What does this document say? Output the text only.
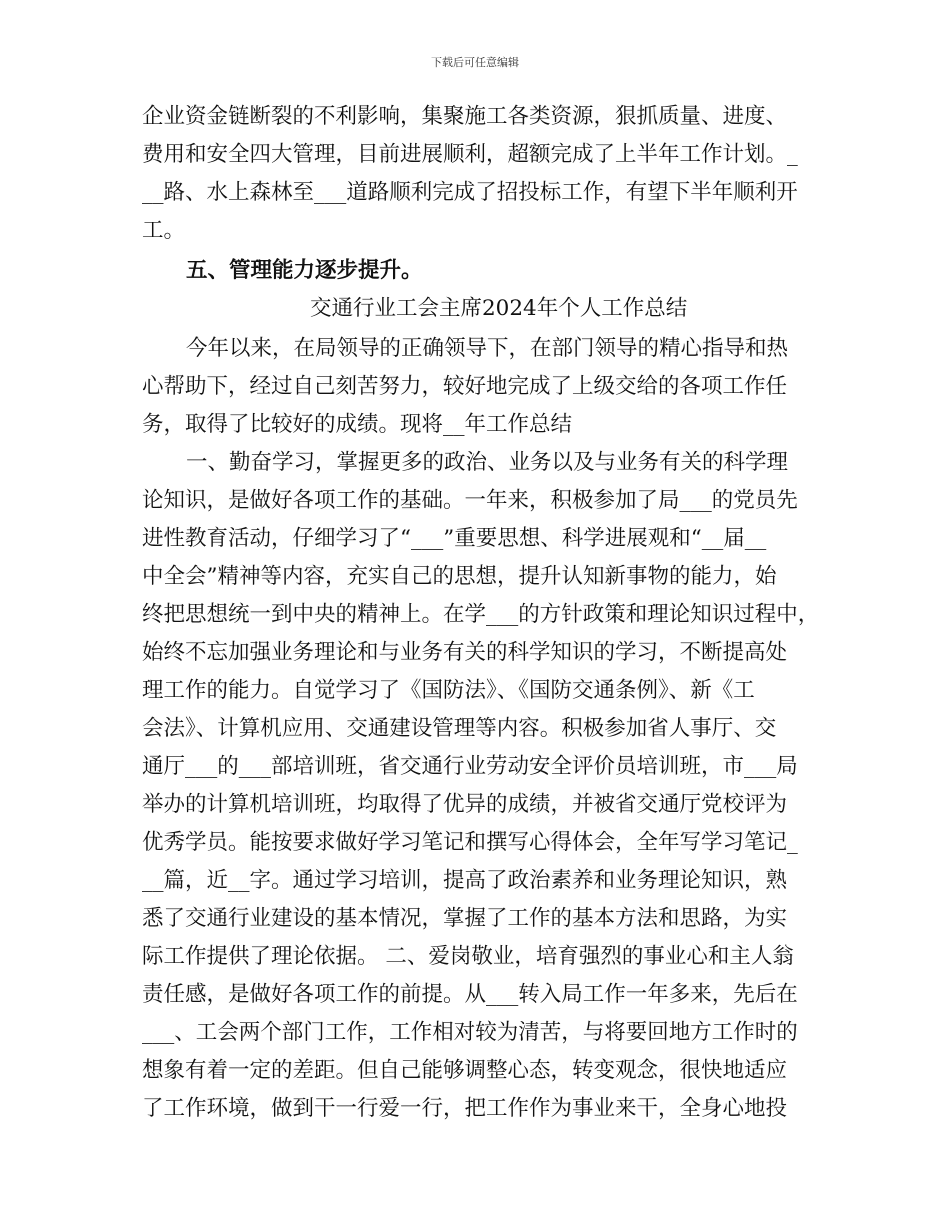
下载后可任意编辑
企业资金链断裂的不利影响，集聚施工各类资源，狠抓质量、进度、
费用和安全四大管理，目前进展顺利，超额完成了上半年工作计划。_
__路、水上森林至___道路顺利完成了招投标工作，有望下半年顺利开
工。
五、管理能力逐步提升。
交通行业工会主席2024年个人工作总结
今年以来，在局领导的正确领导下，在部门领导的精心指导和热
心帮助下，经过自己刻苦努力，较好地完成了上级交给的各项工作任
务，取得了比较好的成绩。现将__年工作总结
一、勤奋学习，掌握更多的政治、业务以及与业务有关的科学理
论知识，是做好各项工作的基础。一年来，积极参加了局___的党员先
进性教育活动，仔细学习了“___”重要思想、科学进展观和“__届__
中全会”精神等内容，充实自己的思想，提升认知新事物的能力，始
终把思想统一到中央的精神上。在学___的方针政策和理论知识过程中，
始终不忘加强业务理论和与业务有关的科学知识的学习，不断提高处
理工作的能力。自觉学习了《国防法》、《国防交通条例》、新《工
会法》、计算机应用、交通建设管理等内容。积极参加省人事厅、交
通厅___的___部培训班，省交通行业劳动安全评价员培训班，市___局
举办的计算机培训班，均取得了优异的成绩，并被省交通厅党校评为
优秀学员。能按要求做好学习笔记和撰写心得体会，全年写学习笔记_
__篇，近__字。通过学习培训，提高了政治素养和业务理论知识，熟
悉了交通行业建设的基本情况，掌握了工作的基本方法和思路，为实
际工作提供了理论依据。 二、爱岗敬业，培育强烈的事业心和主人翁
责任感，是做好各项工作的前提。从___转入局工作一年多来，先后在
___、工会两个部门工作，工作相对较为清苦，与将要回地方工作时的
想象有着一定的差距。但自己能够调整心态，转变观念，很快地适应
了工作环境，做到干一行爱一行，把工作作为事业来干，全身心地投
